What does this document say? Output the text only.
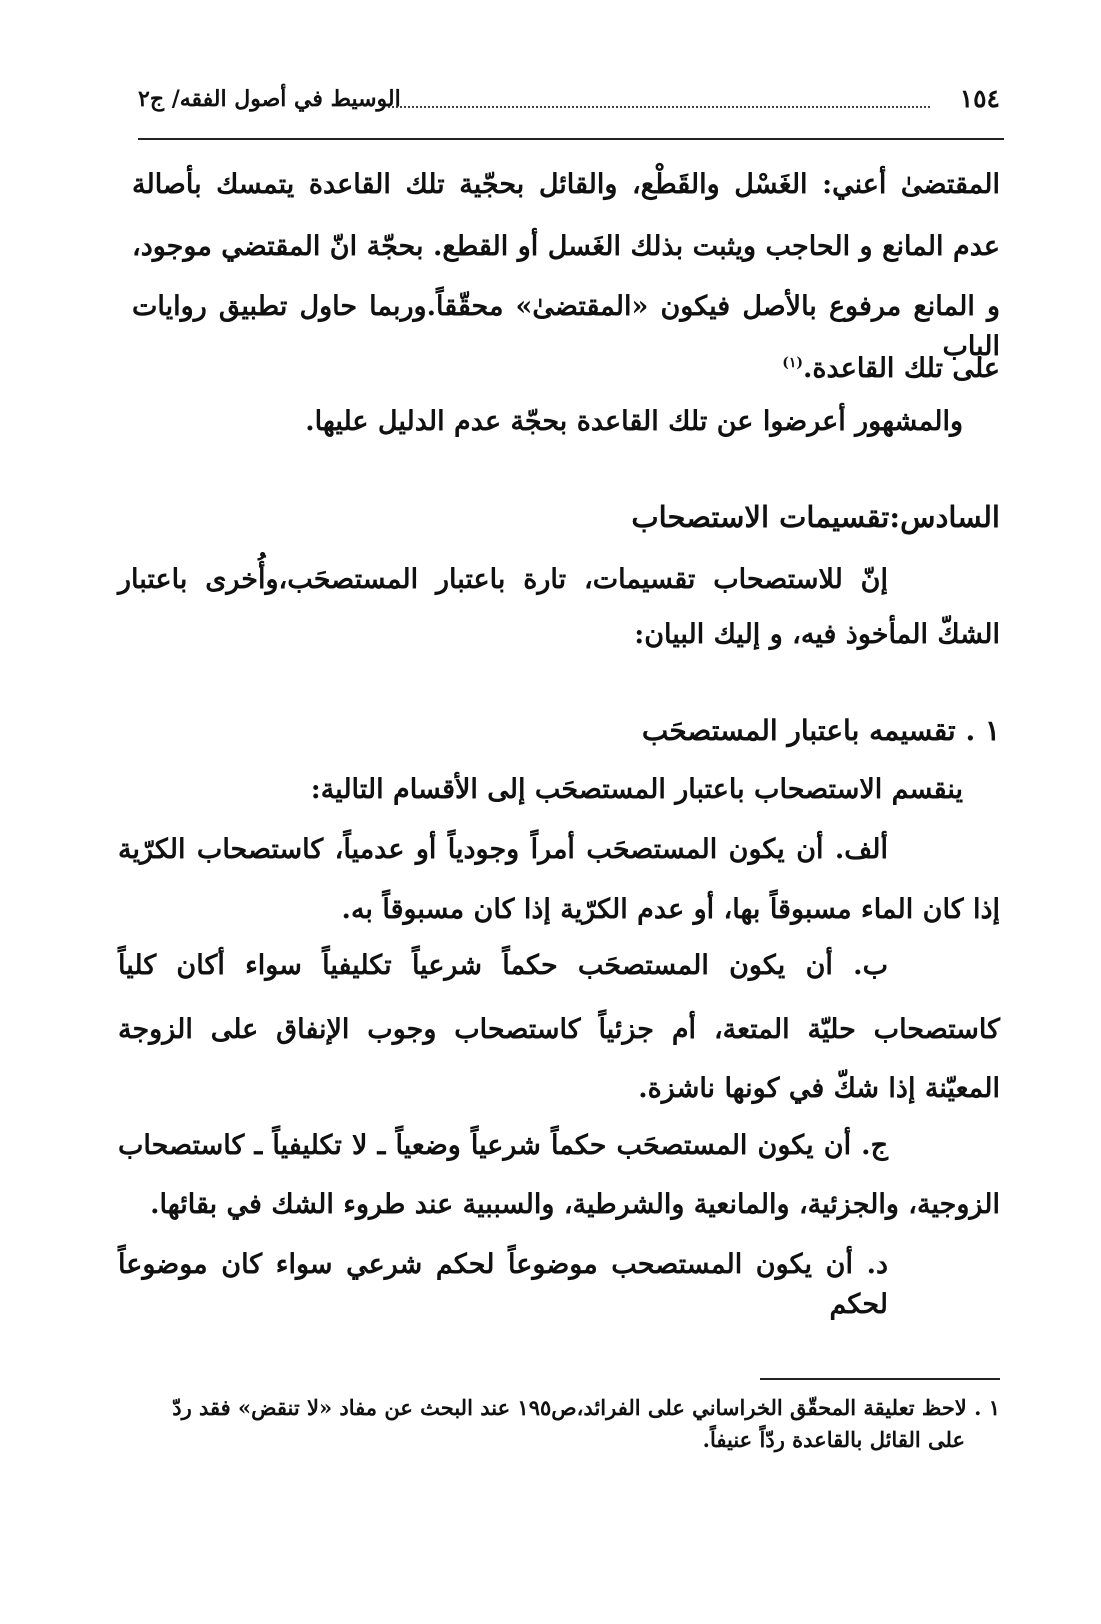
١٥٤
الوسيط في أصول الفقه/ ج٢
المقتضىٰ أعني: الغَسْل والقَطْع، والقائل بحجّية تلك القاعدة يتمسك بأصالة
عدم المانع و الحاجب ويثبت بذلك الغَسل أو القطع. بحجّة انّ المقتضي موجود،
و المانع مرفوع بالأصل فيكون «المقتضىٰ» محقّقاً.وربما حاول تطبيق روايات الباب
على تلك القاعدة.$^{(١)}$
والمشهور أعرضوا عن تلك القاعدة بحجّة عدم الدليل عليها.
السادس:تقسيمات الاستصحاب
إنّ للاستصحاب تقسيمات، تارة باعتبار المستصحَب،وأُخرى باعتبار
الشكّ المأخوذ فيه، و إليك البيان:
١ . تقسيمه باعتبار المستصحَب
ينقسم الاستصحاب باعتبار المستصحَب إلى الأقسام التالية:
ألف. أن يكون المستصحَب أمراً وجودياً أو عدمياً، كاستصحاب الكرّية
إذا كان الماء مسبوقاً بها، أو عدم الكرّية إذا كان مسبوقاً به.
ب. أن يكون المستصحَب حكماً شرعياً تكليفياً سواء أكان كلياً
كاستصحاب حليّة المتعة، أم جزئياً كاستصحاب وجوب الإنفاق على الزوجة
المعيّنة إذا شكّ في كونها ناشزة.
ج. أن يكون المستصحَب حكماً شرعياً وضعياً ـ لا تكليفياً ـ كاستصحاب
الزوجية، والجزئية، والمانعية والشرطية، والسببية عند طروء الشك في بقائها.
د. أن يكون المستصحب موضوعاً لحكم شرعي سواء كان موضوعاً لحكم
١ . لاحظ تعليقة المحقّق الخراساني على الفرائد،ص١٩٥ عند البحث عن مفاد «لا تنقض» فقد ردّ
على القائل بالقاعدة ردّاً عنيفاً.
